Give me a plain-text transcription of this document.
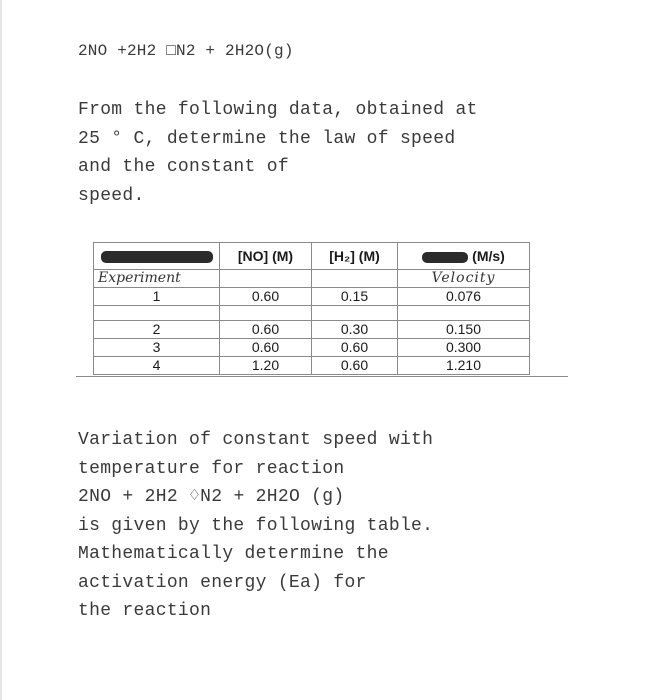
2NO +2H2 □N2 + 2H2O(g)
From the following data, obtained at
25 ° C, determine the law of speed
and the constant of
speed.
	[NO] (M)	[H₂] (M)	(M/s)
Experiment			Velocity
1	0.60	0.15	0.076

2	0.60	0.30	0.150
3	0.60	0.60	0.300
4	1.20	0.60	1.210
Variation of constant speed with
temperature for reaction
2NO + 2H2 ♢N2 + 2H2O (g)
is given by the following table.
Mathematically determine the
activation energy (Ea) for
the reaction
